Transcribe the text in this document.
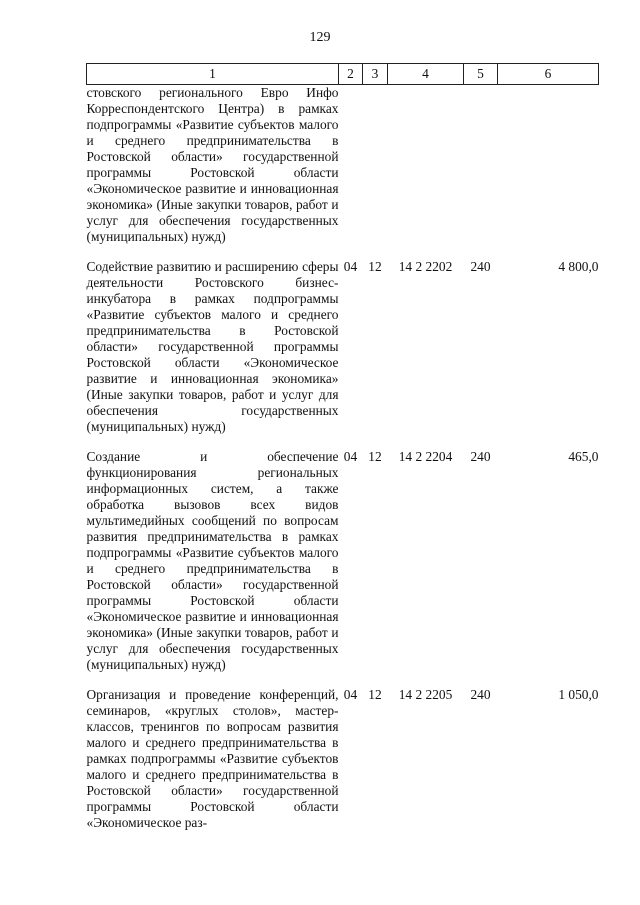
129
1	2	3	4	5	6
стовского регионального Евро Инфо Корреспондентского Центра) в рамках подпрограммы «Развитие субъектов малого и среднего предпринимательства в Ростовской области» государственной программы Ростовской области «Экономическое развитие и инновационная экономика» (Иные закупки товаров, работ и услуг для обеспечения государственных (муниципальных) нужд)					

Содействие развитию и расширению сферы деятельности Ростовского бизнес-инкубатора в рамках подпрограммы «Развитие субъектов малого и среднего предпринимательства в Ростовской области» государственной программы Ростовской области «Экономическое развитие и инновационная экономика» (Иные закупки товаров, работ и услуг для обеспечения государственных (муниципальных) нужд)	04	12	14 2 2202	240	4 800,0

Создание и обеспечение функционирования региональных информационных систем, а также обработка вызовов всех видов мультимедийных сообщений по вопросам развития предпринимательства в рамках подпрограммы «Развитие субъектов малого и среднего предпринимательства в Ростовской области» государственной программы Ростовской области «Экономическое развитие и инновационная экономика» (Иные закупки товаров, работ и услуг для обеспечения государственных (муниципальных) нужд)	04	12	14 2 2204	240	465,0

Организация и проведение конференций, семинаров, «круглых столов», мастер-классов, тренингов по вопросам развития малого и среднего предпринимательства в рамках подпрограммы «Развитие субъектов малого и среднего предпринимательства в Ростовской области» государственной программы Ростовской области «Экономическое раз-	04	12	14 2 2205	240	1 050,0
